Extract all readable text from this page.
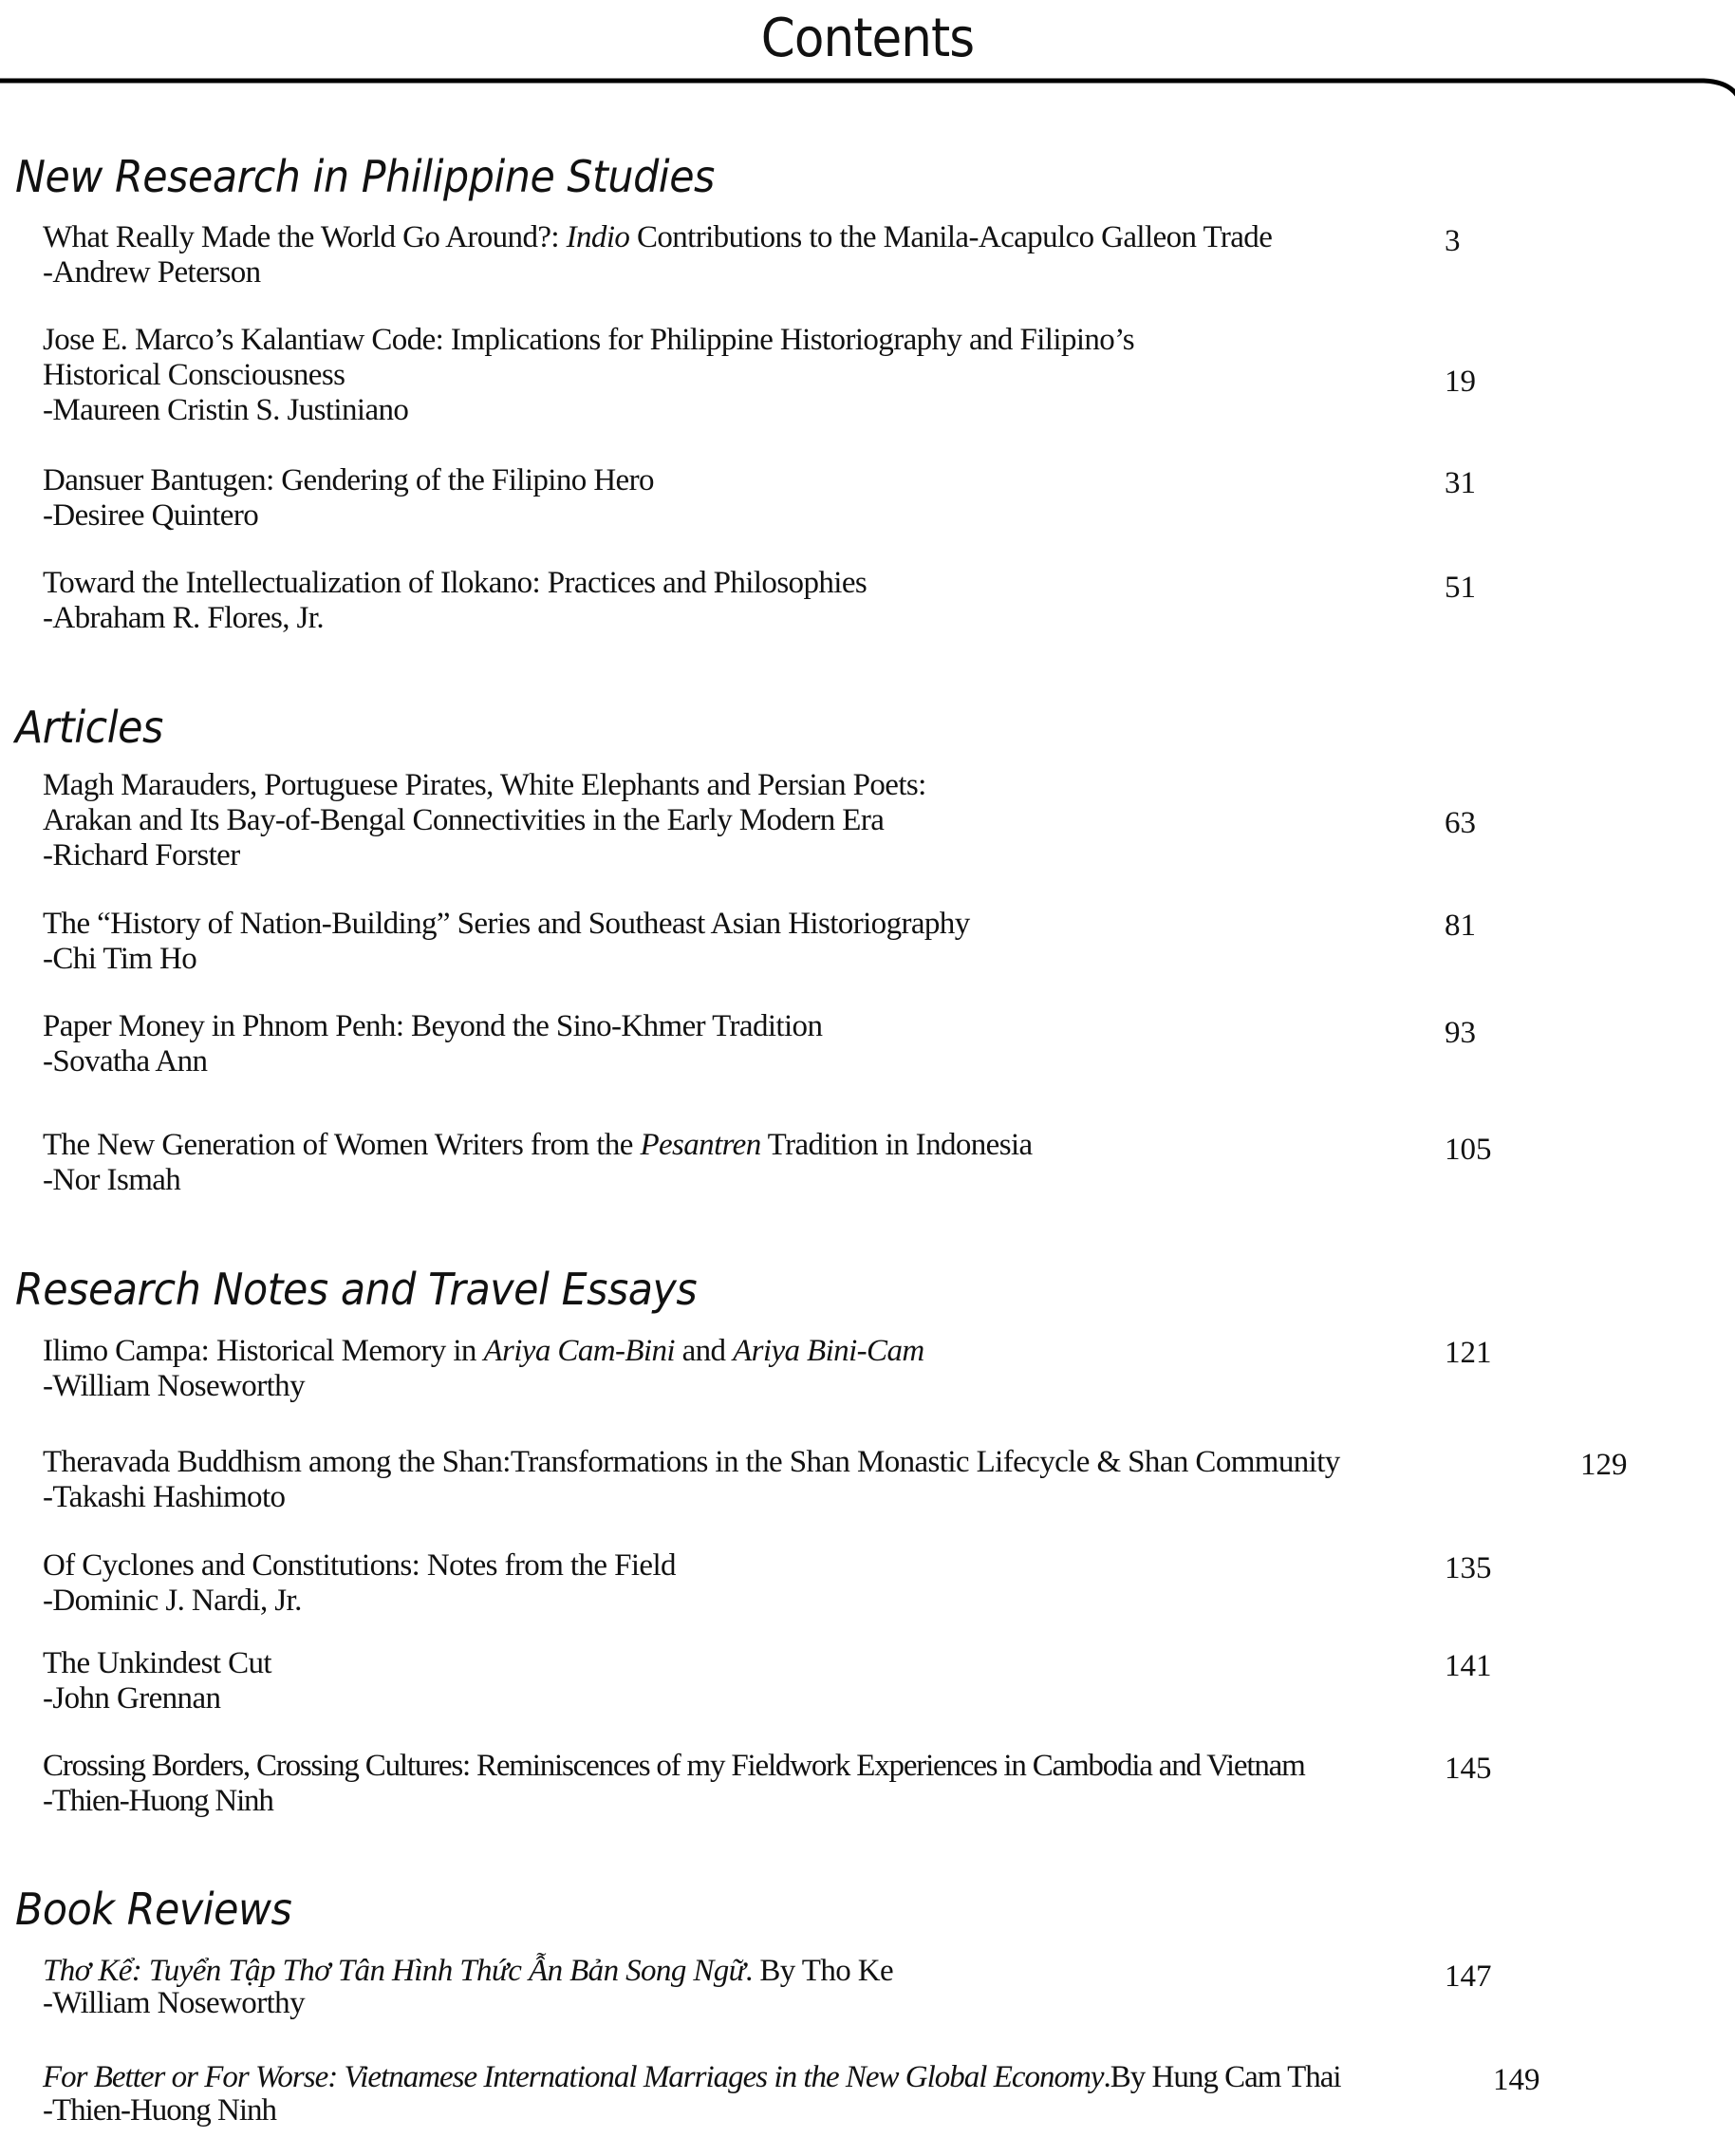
Contents
New Research in Philippine Studies
What Really Made the World Go Around?: Indio Contributions to the Manila-Acapulco Galleon Trade
-Andrew Peterson
3
Jose E. Marco’s Kalantiaw Code: Implications for Philippine Historiography and Filipino’s
Historical Consciousness
-Maureen Cristin S. Justiniano
19
Dansuer Bantugen: Gendering of the Filipino Hero
-Desiree Quintero
31
Toward the Intellectualization of Ilokano: Practices and Philosophies
-Abraham R. Flores, Jr.
51
Articles
Magh Marauders, Portuguese Pirates, White Elephants and Persian Poets:
Arakan and Its Bay-of-Bengal Connectivities in the Early Modern Era
-Richard Forster
63
The “History of Nation-Building” Series and Southeast Asian Historiography
-Chi Tim Ho
81
Paper Money in Phnom Penh: Beyond the Sino-Khmer Tradition
-Sovatha Ann
93
The New Generation of Women Writers from the Pesantren Tradition in Indonesia
-Nor Ismah
105
Research Notes and Travel Essays
Ilimo Campa: Historical Memory in Ariya Cam-Bini and Ariya Bini-Cam
-William Noseworthy
121
Theravada Buddhism among the Shan:Transformations in the Shan Monastic Lifecycle & Shan Community
-Takashi Hashimoto
129
Of Cyclones and Constitutions: Notes from the Field
-Dominic J. Nardi, Jr.
135
The Unkindest Cut
-John Grennan
141
Crossing Borders, Crossing Cultures: Reminiscences of my Fieldwork Experiences in Cambodia and Vietnam
-Thien-Huong Ninh
145
Book Reviews
Thơ Kể: Tuyển Tập Thơ Tân Hình Thức Ẫn Bản Song Ngữ. By Tho Ke
-William Noseworthy
147
For Better or For Worse: Vietnamese International Marriages in the New Global Economy.By Hung Cam Thai
-Thien-Huong Ninh
149
